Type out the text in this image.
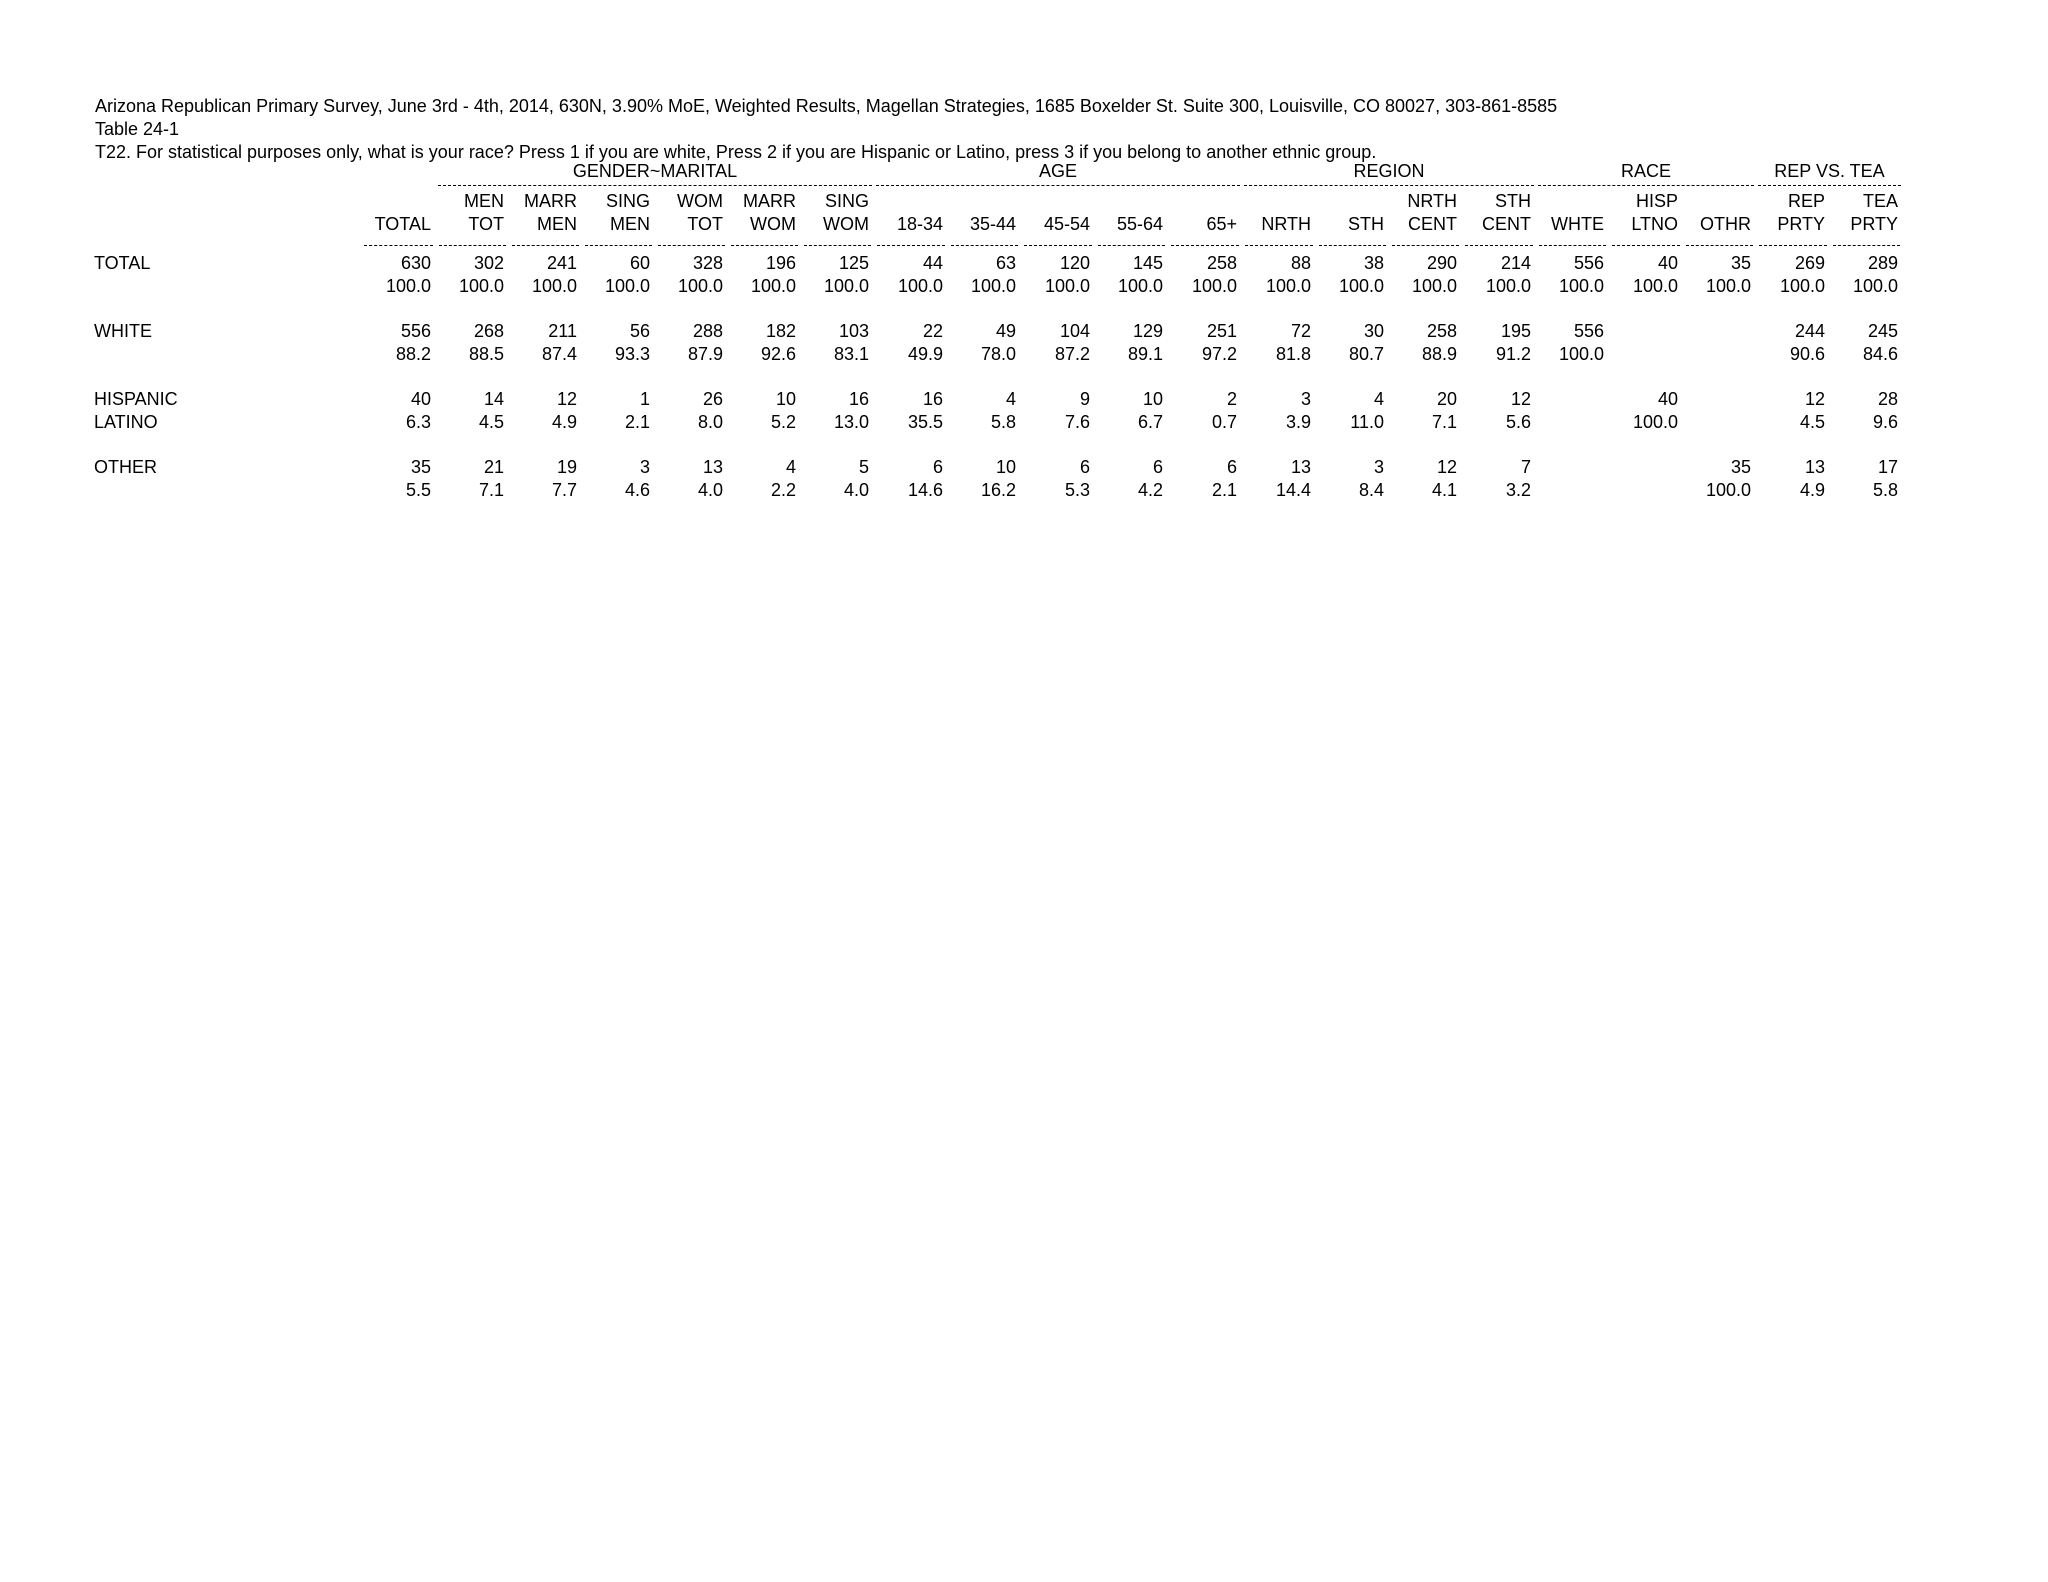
Arizona Republican Primary Survey, June 3rd - 4th, 2014, 630N, 3.90% MoE, Weighted Results, Magellan Strategies, 1685 Boxelder St. Suite 300, Louisville, CO 80027, 303-861-8585
Table 24-1
T22. For statistical purposes only, what is your race? Press 1 if you are white, Press 2 if you are Hispanic or Latino, press 3 if you belong to another ethnic group.

		GENDER~MARITAL						AGE					REGION				RACE			REP VS. TEA	

		MEN	MARR	SING	WOM	MARR	SING								NRTH	STH		HISP		REP	TEA
	TOTAL	TOT	MEN	MEN	TOT	WOM	WOM	18-34	35-44	45-54	55-64	65+	NRTH	STH	CENT	CENT	WHTE	LTNO	OTHR	PRTY	PRTY

TOTAL	630	302	241	60	328	196	125	44	63	120	145	258	88	38	290	214	556	40	35	269	289
	100.0	100.0	100.0	100.0	100.0	100.0	100.0	100.0	100.0	100.0	100.0	100.0	100.0	100.0	100.0	100.0	100.0	100.0	100.0	100.0	100.0

WHITE	556	268	211	56	288	182	103	22	49	104	129	251	72	30	258	195	556			244	245
	88.2	88.5	87.4	93.3	87.9	92.6	83.1	49.9	78.0	87.2	89.1	97.2	81.8	80.7	88.9	91.2	100.0			90.6	84.6

HISPANIC	40	14	12	1	26	10	16	16	4	9	10	2	3	4	20	12		40		12	28
LATINO	6.3	4.5	4.9	2.1	8.0	5.2	13.0	35.5	5.8	7.6	6.7	0.7	3.9	11.0	7.1	5.6		100.0		4.5	9.6

OTHER	35	21	19	3	13	4	5	6	10	6	6	6	13	3	12	7			35	13	17
	5.5	7.1	7.7	4.6	4.0	2.2	4.0	14.6	16.2	5.3	4.2	2.1	14.4	8.4	4.1	3.2			100.0	4.9	5.8
